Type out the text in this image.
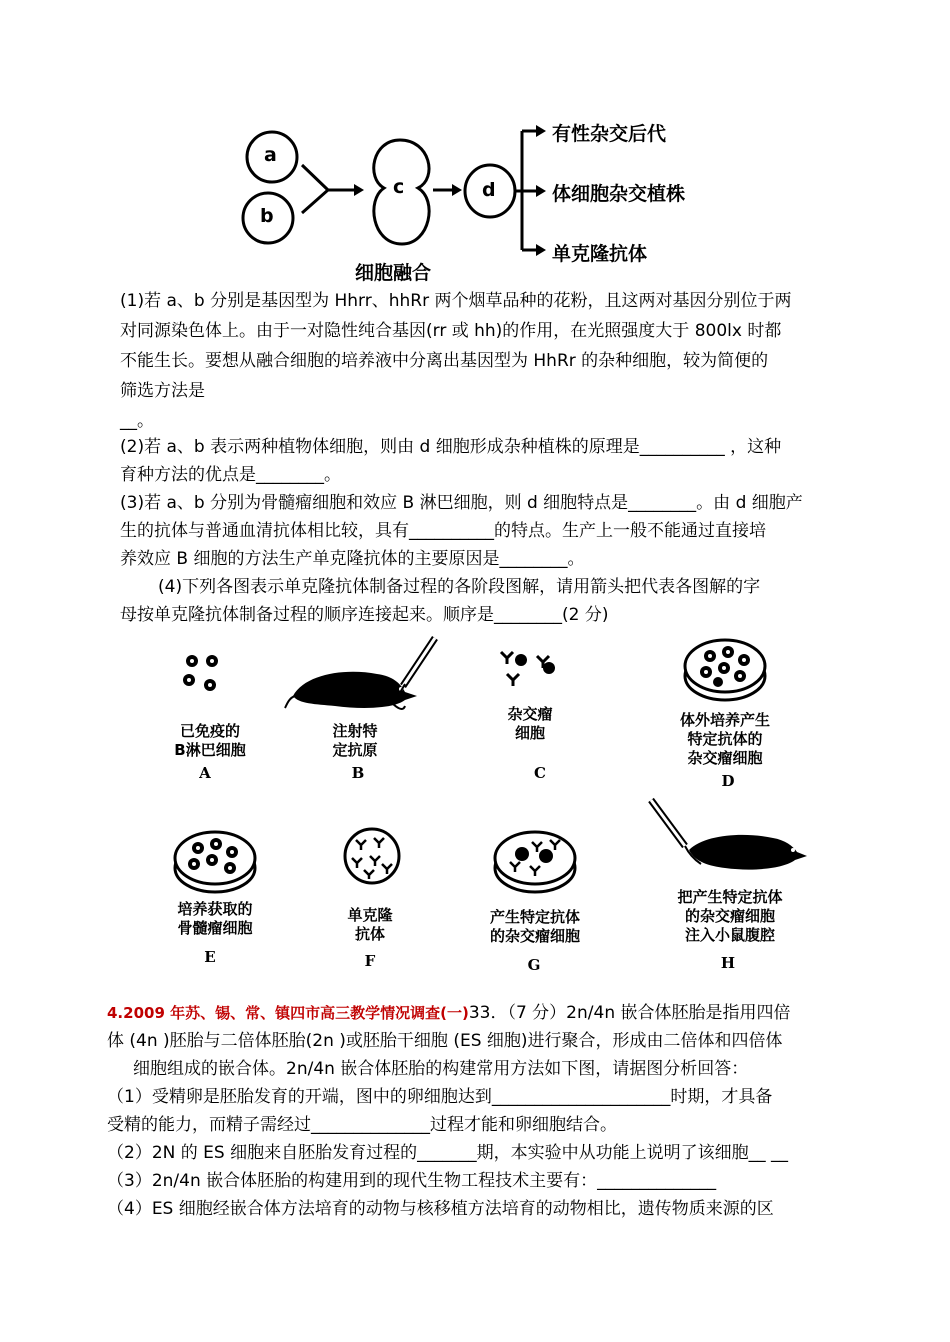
a
b
c	d
有性杂交后代
体细胞杂交植株
单克隆抗体
细胞融合
(1)若 a、b 分别是基因型为 Hhrr、hhRr 两个烟草品种的花粉，且这两对基因分别位于两
对同源染色体上。由于一对隐性纯合基因(rr 或 hh)的作用，在光照强度大于 800lx 时都
不能生长。要想从融合细胞的培养液中分离出基因型为 HhRr 的杂种细胞，较为简便的
筛选方法是
__。
(2)若 a、b 表示两种植物体细胞，则由 d 细胞形成杂种植株的原理是__________ ，这种
育种方法的优点是________。
(3)若 a、b 分别为骨髓瘤细胞和效应 B 淋巴细胞，则 d 细胞特点是________。由 d 细胞产
生的抗体与普通血清抗体相比较，具有__________的特点。生产上一般不能通过直接培
养效应 B 细胞的方法生产单克隆抗体的主要原因是________。
(4)下列各图表示单克隆抗体制备过程的各阶段图解，请用箭头把代表各图解的字
母按单克隆抗体制备过程的顺序连接起来。顺序是________(2 分)
已免疫的
B淋巴细胞
A
注射特
定抗原
B
杂交瘤
细胞
C
体外培养产生
特定抗体的
杂交瘤细胞
D
培养获取的
骨髓瘤细胞
E
单克隆
抗体
F
产生特定抗体
的杂交瘤细胞
G
把产生特定抗体
的杂交瘤细胞
注入小鼠腹腔
H
4.2009 年苏、锡、常、镇四市高三教学情况调查(一)33．（7 分）2n/4n 嵌合体胚胎是指用四倍
体 (4n )胚胎与二倍体胚胎(2n )或胚胎干细胞 (ES 细胞)进行聚合，形成由二倍体和四倍体
细胞组成的嵌合体。2n/4n 嵌合体胚胎的构建常用方法如下图，请据图分析回答：
（1）受精卵是胚胎发育的开端，图中的卵细胞达到_____________________时期，才具备
受精的能力，而精子需经过______________过程才能和卵细胞结合。
（2）2N 的 ES 细胞来自胚胎发育过程的_______期，本实验中从功能上说明了该细胞__ __
（3）2n/4n 嵌合体胚胎的构建用到的现代生物工程技术主要有：______________
（4）ES 细胞经嵌合体方法培育的动物与核移植方法培育的动物相比，遗传物质来源的区
